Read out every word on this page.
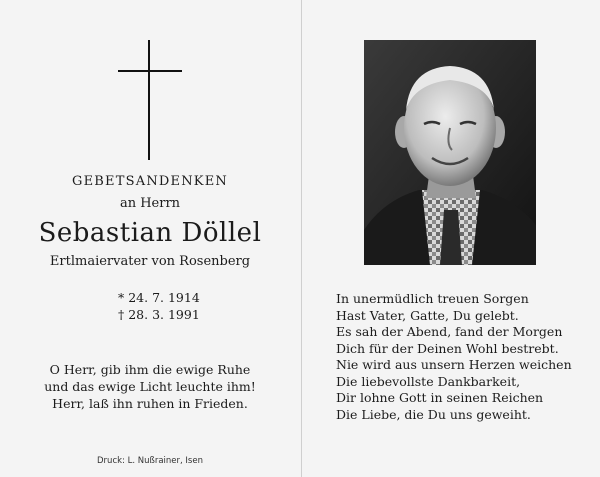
GEBETSANDENKEN
an Herrn
Sebastian Döllel
Ertlmaiervater von Rosenberg
* 24. 7. 1914
† 28. 3. 1991
O Herr, gib ihm die ewige Ruhe
und das ewige Licht leuchte ihm!
Herr, laß ihn ruhen in Frieden.
Druck: L. Nußrainer, Isen
In unermüdlich treuen Sorgen
Hast Vater, Gatte, Du gelebt.
Es sah der Abend, fand der Morgen
Dich für der Deinen Wohl bestrebt.
Nie wird aus unsern Herzen weichen
Die liebevollste Dankbarkeit,
Dir lohne Gott in seinen Reichen
Die Liebe, die Du uns geweiht.
